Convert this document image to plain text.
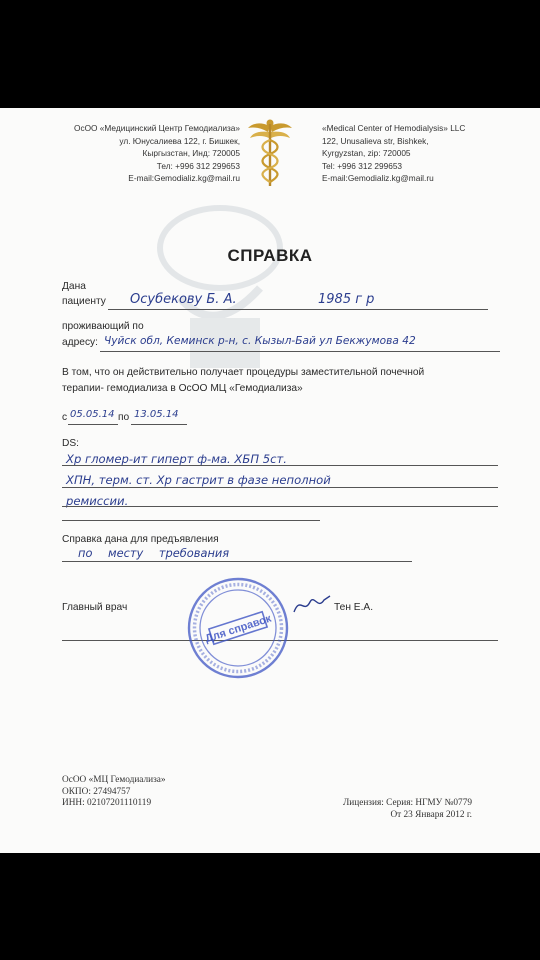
ОсОО «Медицинский Центр Гемодиализа»
ул. Юнусалиева 122, г. Бишкек,
Кыргызстан, Инд: 720005
Тел: +996 312 299653
E-mail:Gemodializ.kg@mail.ru
«Medical Center of Hemodialysis» LLC
122, Unusalieva str, Bishkek,
Kyrgyzstan, zip: 720005
Tel: +996 312 299653
E-mail:Gemodializ.kg@mail.ru
СПРАВКА
Дана
пациенту Осубекову Б. А.	1985 г р
проживающий по
адресу: Чуйск обл, Кеминск р-н, с. Кызыл-Бай ул Бекжумова 42
В том, что он действительно получает процедуры заместительной почечной
терапии- гемодиализа в ОсОО МЦ «Гемодиализа»
с 05.05.14 по 13.05.14
DS:
Хр гломер-ит гиперт ф-ма. ХБП 5ст.
ХПН, терм. ст. Хр гастрит в фазе неполной
ремиссии.
Справка дана для предъявления
по месту требования
Главный врач	Тен Е.А.
Для справок
ОсОО «МЦ Гемодиализа»
ОКПО: 27494757
ИНН: 02107201110119	Лицензия: Серия: НГМУ №0779
От 23 Января 2012 г.
